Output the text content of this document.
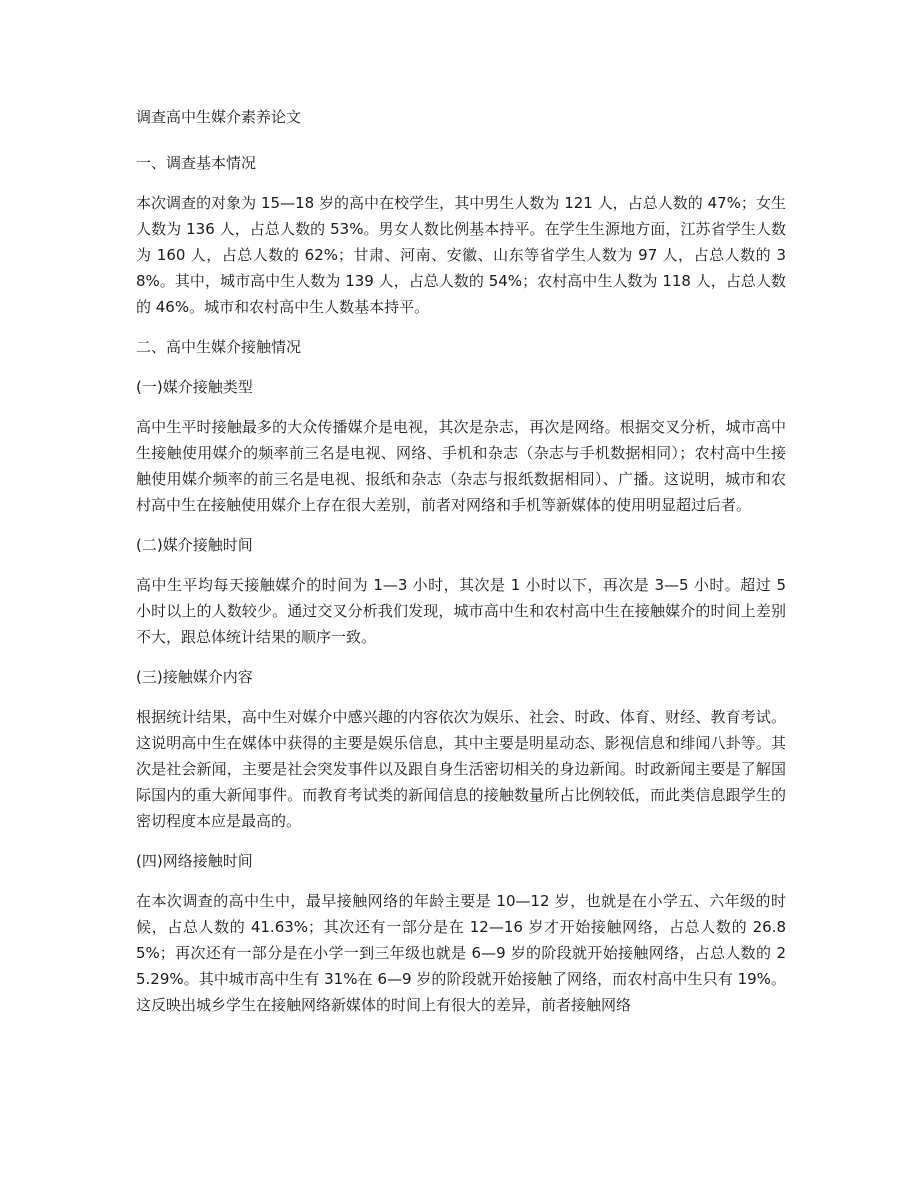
调查高中生媒介素养论文
一、调查基本情况
本次调查的对象为 15—18 岁的高中在校学生，其中男生人数为 121 人，占总人数的 47%；女生人数为 136 人，占总人数的 53%。男女人数比例基本持平。在学生生源地方面，江苏省学生人数为 160 人，占总人数的 62%；甘肃、河南、安徽、山东等省学生人数为 97 人，占总人数的 38%。其中，城市高中生人数为 139 人，占总人数的 54%；农村高中生人数为 118 人，占总人数的 46%。城市和农村高中生人数基本持平。
二、高中生媒介接触情况
(一)媒介接触类型
高中生平时接触最多的大众传播媒介是电视，其次是杂志，再次是网络。根据交叉分析，城市高中生接触使用媒介的频率前三名是电视、网络、手机和杂志（杂志与手机数据相同）；农村高中生接触使用媒介频率的前三名是电视、报纸和杂志（杂志与报纸数据相同）、广播。这说明，城市和农村高中生在接触使用媒介上存在很大差别，前者对网络和手机等新媒体的使用明显超过后者。
(二)媒介接触时间
高中生平均每天接触媒介的时间为 1—3 小时，其次是 1 小时以下，再次是 3—5 小时。超过 5 小时以上的人数较少。通过交叉分析我们发现，城市高中生和农村高中生在接触媒介的时间上差别不大，跟总体统计结果的顺序一致。
(三)接触媒介内容
根据统计结果，高中生对媒介中感兴趣的内容依次为娱乐、社会、时政、体育、财经、教育考试。这说明高中生在媒体中获得的主要是娱乐信息，其中主要是明星动态、影视信息和绯闻八卦等。其次是社会新闻，主要是社会突发事件以及跟自身生活密切相关的身边新闻。时政新闻主要是了解国际国内的重大新闻事件。而教育考试类的新闻信息的接触数量所占比例较低，而此类信息跟学生的密切程度本应是最高的。
(四)网络接触时间
在本次调查的高中生中，最早接触网络的年龄主要是 10—12 岁，也就是在小学五、六年级的时候，占总人数的 41.63%；其次还有一部分是在 12—16 岁才开始接触网络，占总人数的 26.85%；再次还有一部分是在小学一到三年级也就是 6—9 岁的阶段就开始接触网络，占总人数的 25.29%。其中城市高中生有 31%在 6—9 岁的阶段就开始接触了网络，而农村高中生只有 19%。这反映出城乡学生在接触网络新媒体的时间上有很大的差异，前者接触网络
